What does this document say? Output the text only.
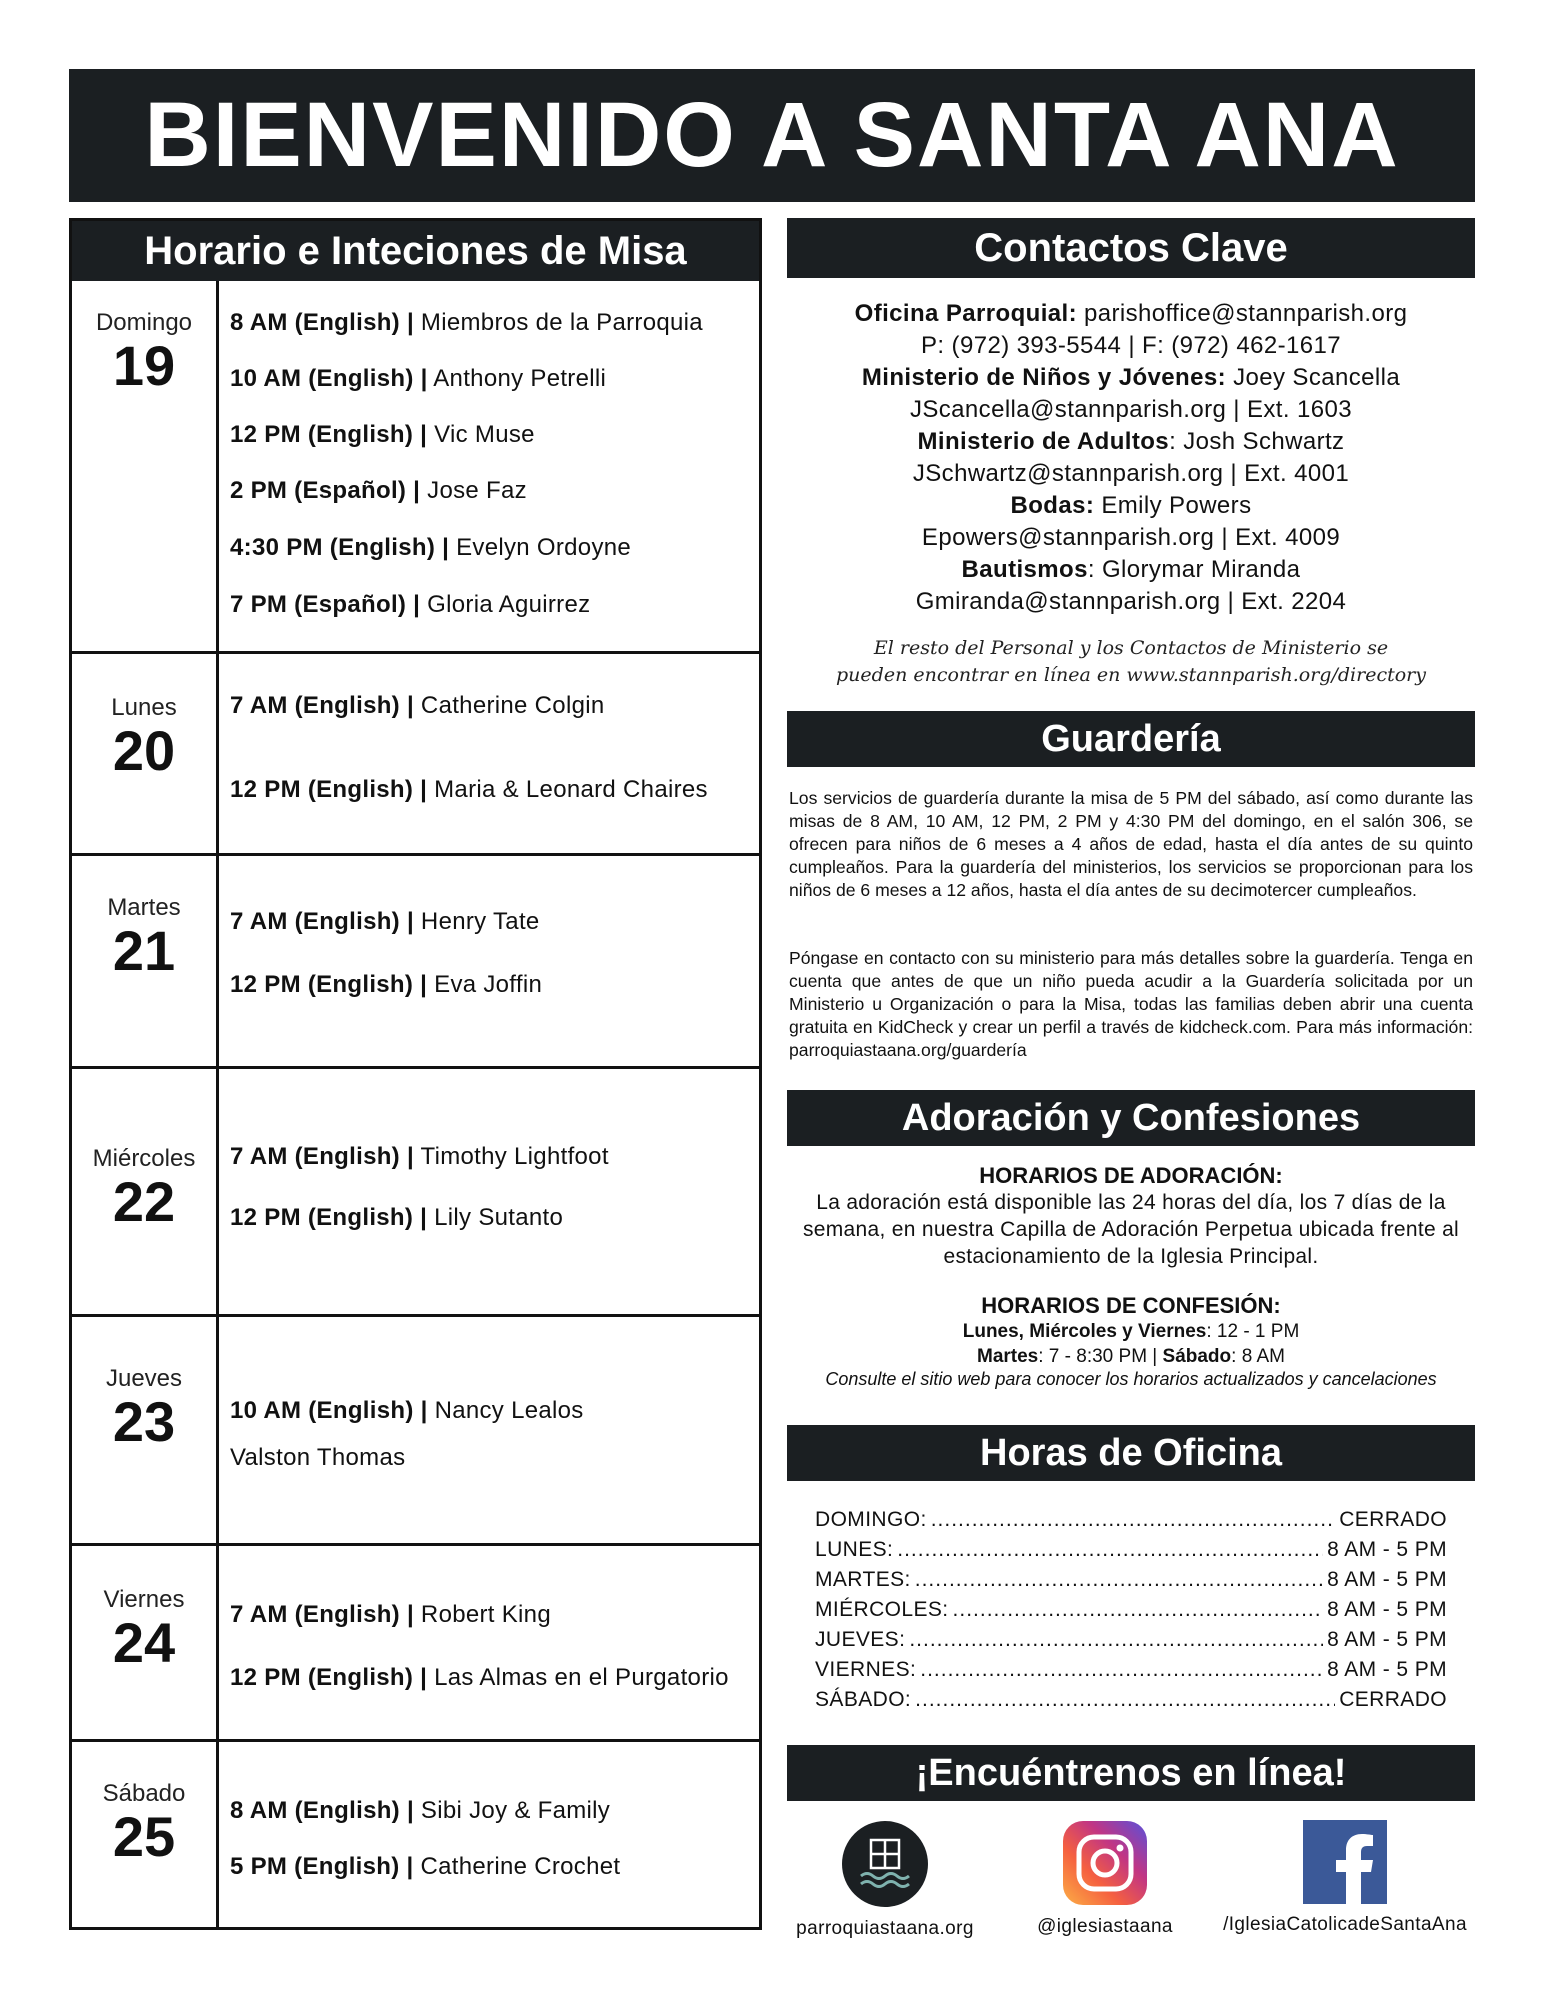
BIENVENIDO A SANTA ANA
Horario e Inteciones de Misa
Domingo
19
8 AM (English) | Miembros de la Parroquia
10 AM (English) | Anthony Petrelli
12 PM (English) | Vic Muse
2 PM (Español) | Jose Faz
4:30 PM (English) | Evelyn Ordoyne
7 PM (Español) | Gloria Aguirrez
Lunes
20
7 AM (English) | Catherine Colgin
12 PM (English) | Maria & Leonard Chaires
Martes
21	7 AM (English) | Henry Tate
12 PM (English) | Eva Joffin
Miércoles
22
7 AM (English) | Timothy Lightfoot
12 PM (English) | Lily Sutanto
Jueves
23	10 AM (English) | Nancy Lealos
Valston Thomas
Viernes
24	7 AM (English) | Robert King
12 PM (English) | Las Almas en el Purgatorio
Sábado
25	8 AM (English) | Sibi Joy & Family
5 PM (English) | Catherine Crochet
Contactos Clave
Oficina Parroquial: parishoffice@stannparish.org
P: (972) 393-5544 | F: (972) 462-1617
Ministerio de Niños y Jóvenes: Joey Scancella
JScancella@stannparish.org | Ext. 1603
Ministerio de Adultos: Josh Schwartz
JSchwartz@stannparish.org | Ext. 4001
Bodas: Emily Powers
Epowers@stannparish.org | Ext. 4009
Bautismos: Glorymar Miranda
Gmiranda@stannparish.org | Ext. 2204
El resto del Personal y los Contactos de Ministerio se
pueden encontrar en línea en www.stannparish.org/directory
Guardería
Los servicios de guardería durante la misa de 5 PM del sábado, así como durante las misas de 8 AM, 10 AM, 12 PM, 2 PM y 4:30 PM del domingo, en el salón 306, se ofrecen para niños de 6 meses a 4 años de edad, hasta el día antes de su quinto cumpleaños. Para la guardería del ministerios, los servicios se proporcionan para los niños de 6 meses a 12 años, hasta el día antes de su decimotercer cumpleaños.
Póngase en contacto con su ministerio para más detalles sobre la guardería. Tenga en cuenta que antes de que un niño pueda acudir a la Guardería solicitada por un Ministerio u Organización o para la Misa, todas las familias deben abrir una cuenta gratuita en KidCheck y crear un perfil a través de kidcheck.com. Para más información: parroquiastaana.org/guardería
Adoración y Confesiones
HORARIOS DE ADORACIÓN:
La adoración está disponible las 24 horas del día, los 7 días de la semana, en nuestra Capilla de Adoración Perpetua ubicada frente al estacionamiento de la Iglesia Principal.
HORARIOS DE CONFESIÓN:
Lunes, Miércoles y Viernes: 12 - 1 PM
Martes: 7 - 8:30 PM | Sábado: 8 AM
Consulte el sitio web para conocer los horarios actualizados y cancelaciones
Horas de Oficina
DOMINGO: .....	CERRADO
LUNES: .....	8 AM - 5 PM
MARTES: .....	8 AM - 5 PM
MIÉRCOLES: .....	8 AM - 5 PM
JUEVES: .....	8 AM - 5 PM
VIERNES: .....	8 AM - 5 PM
SÁBADO: .....	CERRADO
¡Encuéntrenos en línea!
parroquiastaana.org	@iglesiastaana	/IglesiaCatolicadeSantaAna
